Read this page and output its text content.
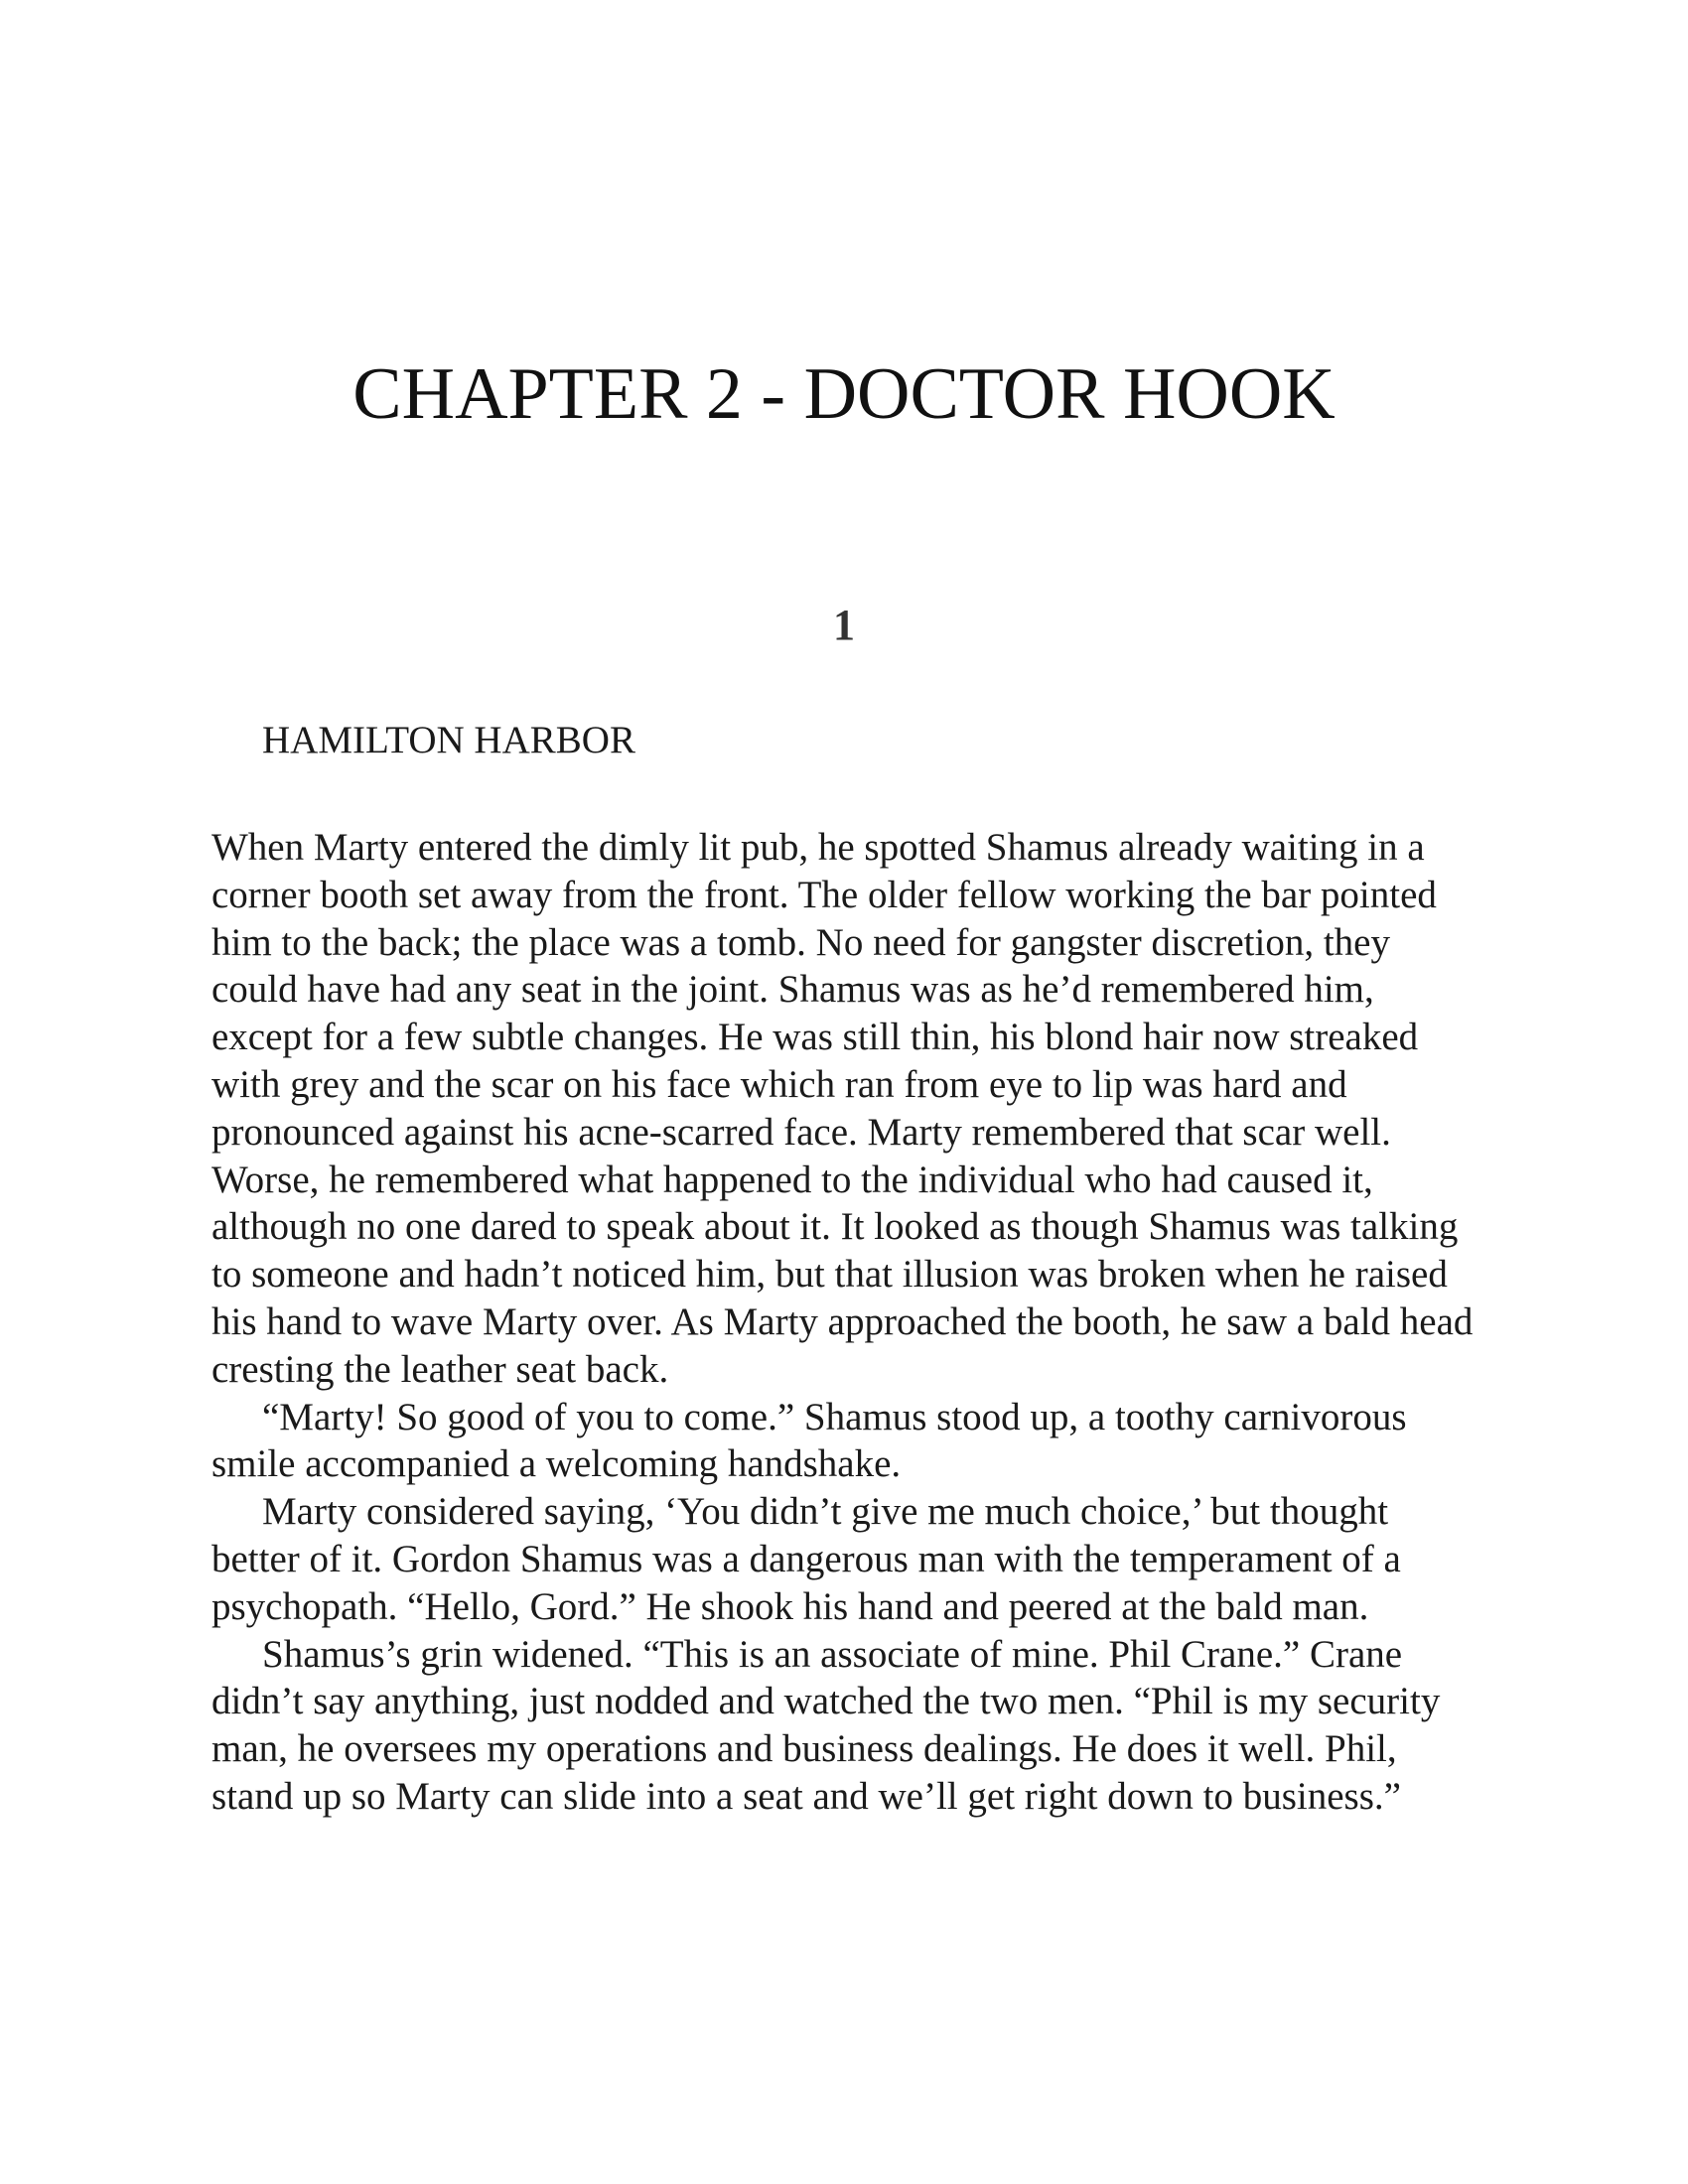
CHAPTER 2 - DOCTOR HOOK
1
HAMILTON HARBOR

When Marty entered the dimly lit pub, he spotted Shamus already waiting in a corner booth set away from the front. The older fellow working the bar pointed him to the back; the place was a tomb. No need for gangster discretion, they could have had any seat in the joint. Shamus was as he’d remembered him, except for a few subtle changes. He was still thin, his blond hair now streaked with grey and the scar on his face which ran from eye to lip was hard and pronounced against his acne-scarred face. Marty remembered that scar well. Worse, he remembered what happened to the individual who had caused it, although no one dared to speak about it. It looked as though Shamus was talking to someone and hadn’t noticed him, but that illusion was broken when he raised his hand to wave Marty over. As Marty approached the booth, he saw a bald head cresting the leather seat back.

“Marty! So good of you to come.” Shamus stood up, a toothy carnivorous smile accompanied a welcoming handshake.

Marty considered saying, ‘You didn’t give me much choice,’ but thought better of it. Gordon Shamus was a dangerous man with the temperament of a psychopath. “Hello, Gord.” He shook his hand and peered at the bald man.

Shamus’s grin widened. “This is an associate of mine. Phil Crane.” Crane didn’t say anything, just nodded and watched the two men. “Phil is my security man, he oversees my operations and business dealings. He does it well. Phil, stand up so Marty can slide into a seat and we’ll get right down to business.”
